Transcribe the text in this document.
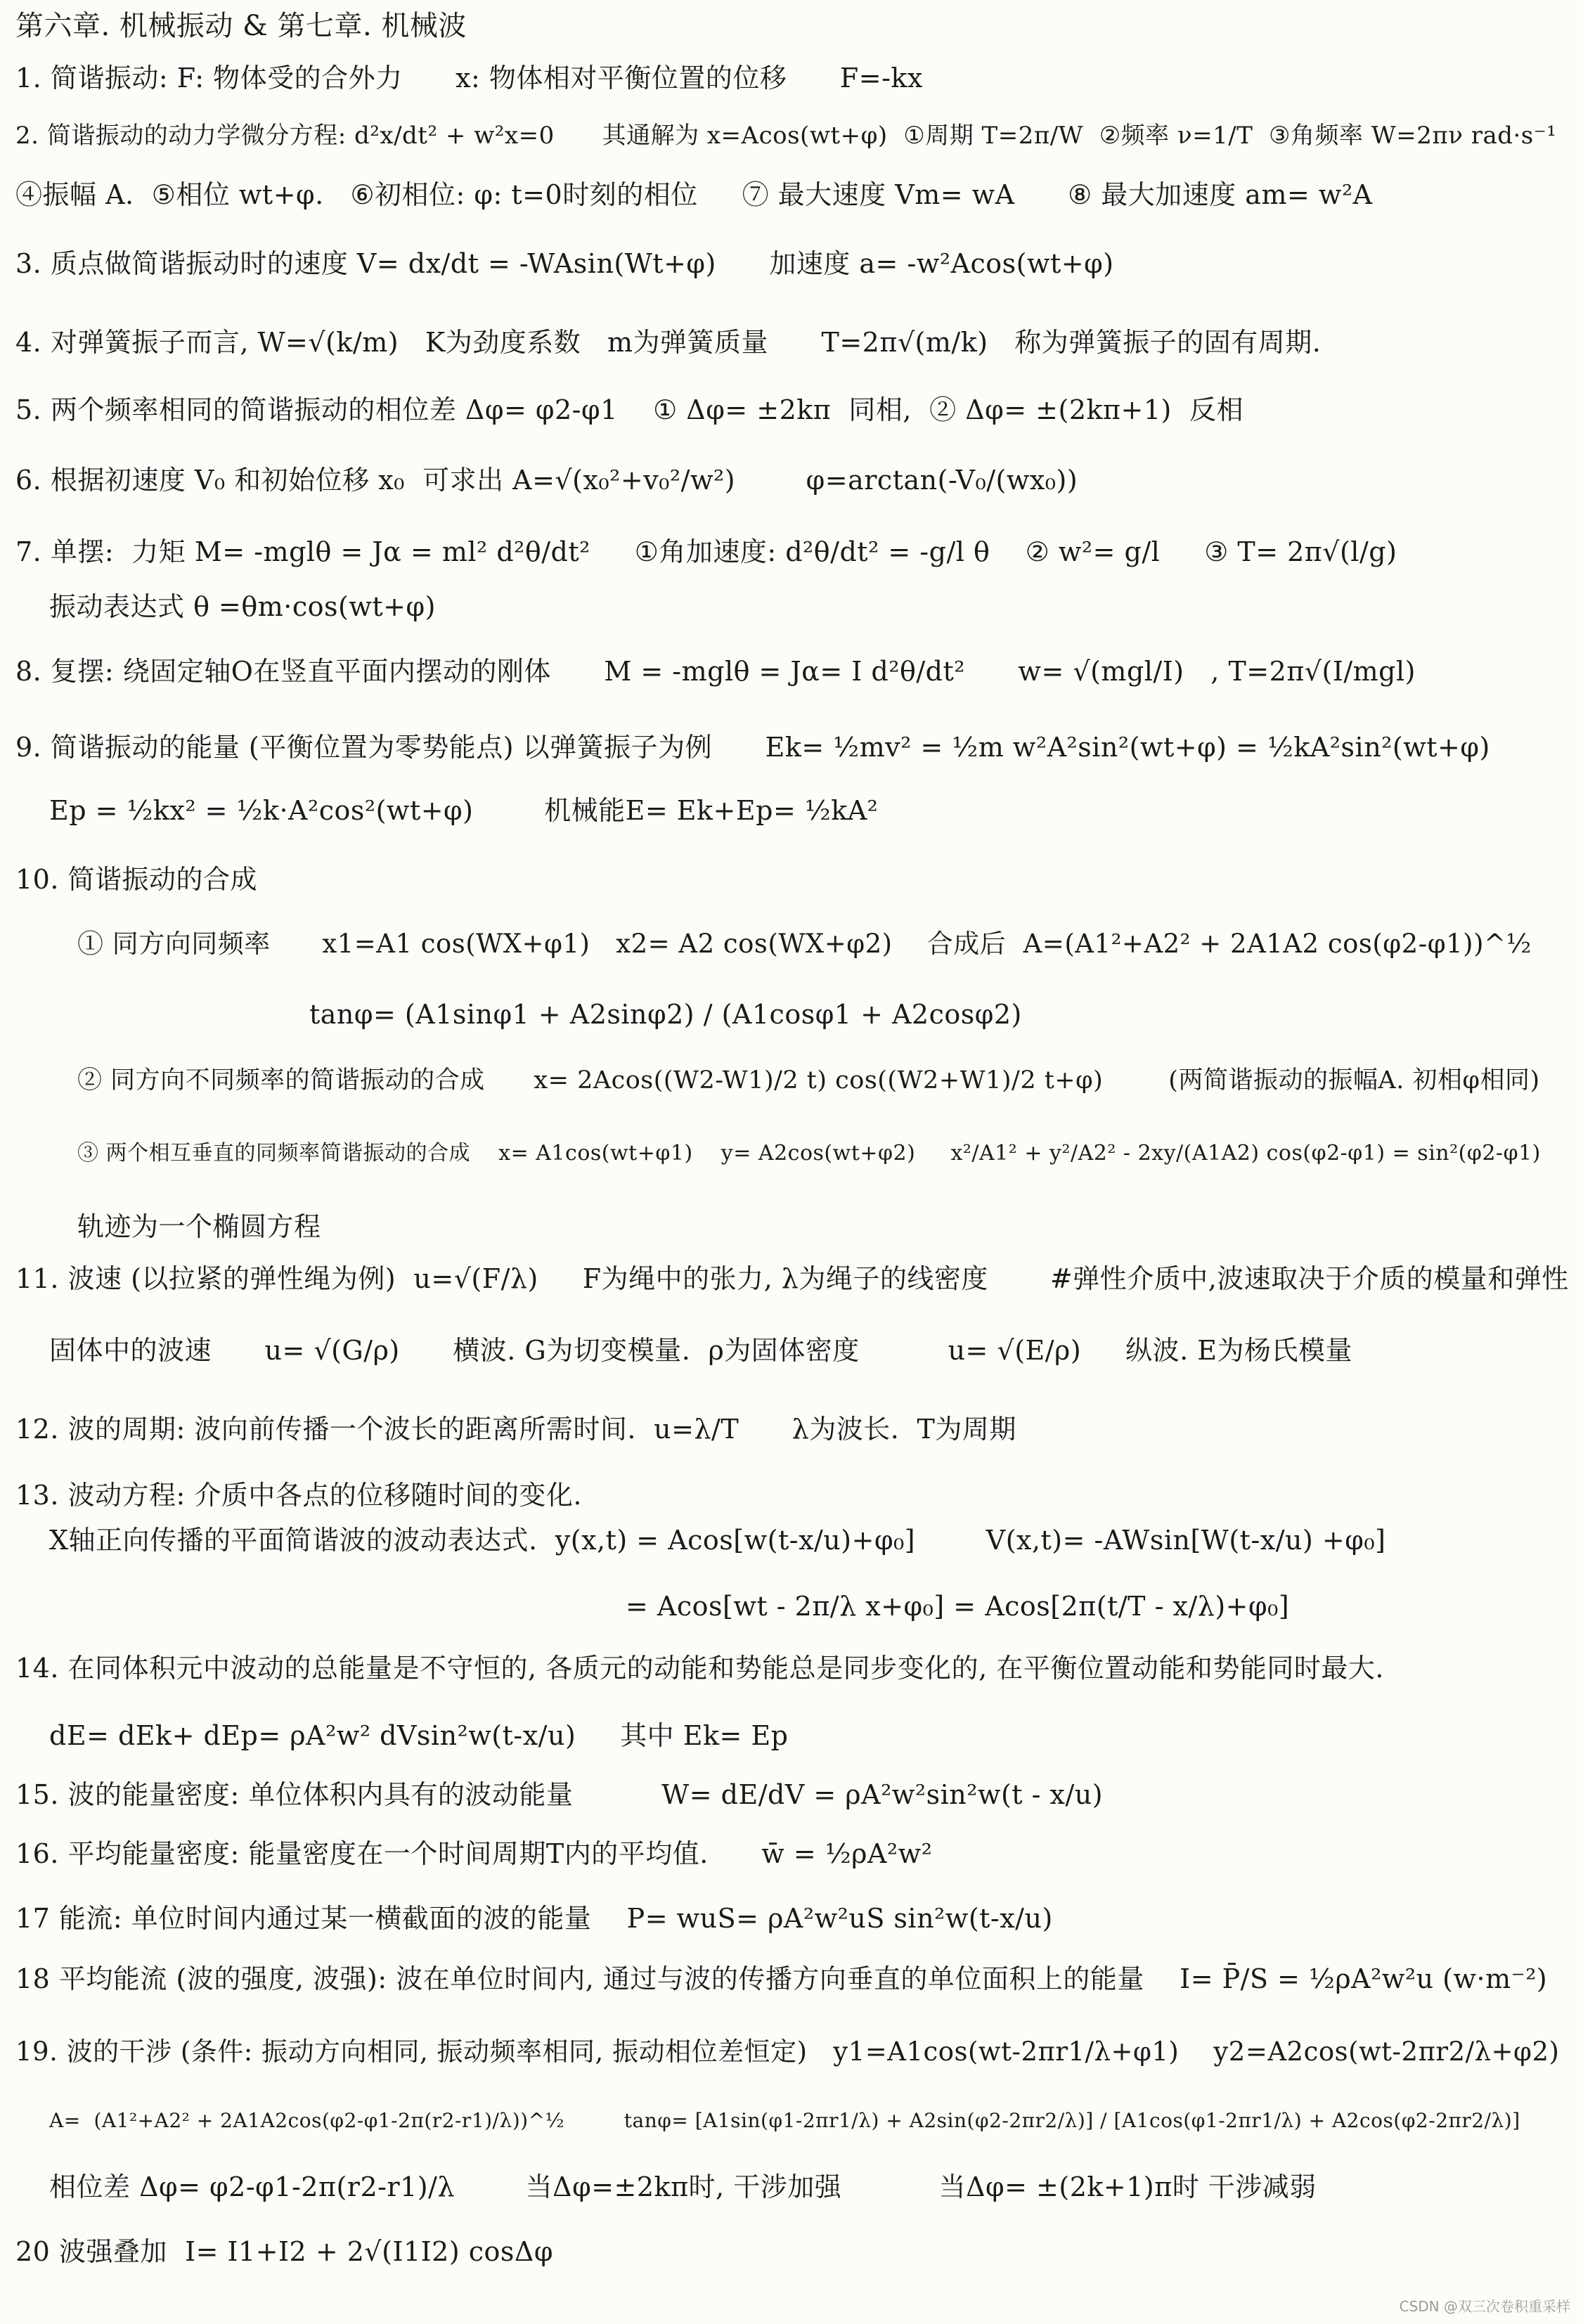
第六章. 机械振动 & 第七章. 机械波
1. 简谐振动: F: 物体受的合外力      x: 物体相对平衡位置的位移      F=-kx
2. 简谐振动的动力学微分方程: d²x/dt² + w²x=0      其通解为 x=Acos(wt+φ)  ①周期 T=2π/W  ②频率 ν=1/T  ③角频率 W=2πν rad·s⁻¹
④振幅 A.  ⑤相位 wt+φ.   ⑥初相位: φ: t=0时刻的相位     ⑦ 最大速度 Vm= wA      ⑧ 最大加速度 am= w²A
3. 质点做简谐振动时的速度 V= dx/dt = -WAsin(Wt+φ)      加速度 a= -w²Acos(wt+φ)
4. 对弹簧振子而言, W=√(k/m)   K为劲度系数   m为弹簧质量      T=2π√(m/k)   称为弹簧振子的固有周期.
5. 两个频率相同的简谐振动的相位差 Δφ= φ2-φ1    ① Δφ= ±2kπ  同相,  ② Δφ= ±(2kπ+1)  反相
6. 根据初速度 V₀ 和初始位移 x₀  可求出 A=√(x₀²+v₀²/w²)        φ=arctan(-V₀/(wx₀))
7. 单摆:  力矩 M= -mglθ = Jα = ml² d²θ/dt²     ①角加速度: d²θ/dt² = -g/l θ    ② w²= g/l     ③ T= 2π√(l/g)
振动表达式 θ =θm·cos(wt+φ)
8. 复摆: 绕固定轴O在竖直平面内摆动的刚体      M = -mglθ = Jα= I d²θ/dt²      w= √(mgl/I)   , T=2π√(I/mgl)
9. 简谐振动的能量 (平衡位置为零势能点) 以弹簧振子为例      Ek= ½mv² = ½m w²A²sin²(wt+φ) = ½kA²sin²(wt+φ)
Ep = ½kx² = ½k·A²cos²(wt+φ)        机械能E= Ek+Ep= ½kA²
10. 简谐振动的合成
① 同方向同频率      x1=A1 cos(WX+φ1)   x2= A2 cos(WX+φ2)    合成后  A=(A1²+A2² + 2A1A2 cos(φ2-φ1))^½
tanφ= (A1sinφ1 + A2sinφ2) / (A1cosφ1 + A2cosφ2)
② 同方向不同频率的简谐振动的合成      x= 2Acos((W2-W1)/2 t) cos((W2+W1)/2 t+φ)        (两简谐振动的振幅A. 初相φ相同)
③ 两个相互垂直的同频率简谐振动的合成    x= A1cos(wt+φ1)    y= A2cos(wt+φ2)     x²/A1² + y²/A2² - 2xy/(A1A2) cos(φ2-φ1) = sin²(φ2-φ1)
轨迹为一个椭圆方程
11. 波速 (以拉紧的弹性绳为例)  u=√(F/λ)     F为绳中的张力, λ为绳子的线密度       #弹性介质中,波速取决于介质的模量和弹性
固体中的波速      u= √(G/ρ)      横波. G为切变模量.  ρ为固体密度          u= √(E/ρ)     纵波. E为杨氏模量
12. 波的周期: 波向前传播一个波长的距离所需时间.  u=λ/T      λ为波长.  T为周期
13. 波动方程: 介质中各点的位移随时间的变化.
X轴正向传播的平面简谐波的波动表达式.  y(x,t) = Acos[w(t-x/u)+φ₀]        V(x,t)= -AWsin[W(t-x/u) +φ₀]
= Acos[wt - 2π/λ x+φ₀] = Acos[2π(t/T - x/λ)+φ₀]
14. 在同体积元中波动的总能量是不守恒的, 各质元的动能和势能总是同步变化的, 在平衡位置动能和势能同时最大.
dE= dEk+ dEp= ρA²w² dVsin²w(t-x/u)     其中 Ek= Ep
15. 波的能量密度: 单位体积内具有的波动能量          W= dE/dV = ρA²w²sin²w(t - x/u)
16. 平均能量密度: 能量密度在一个时间周期T内的平均值.      w̄ = ½ρA²w²
17 能流: 单位时间内通过某一横截面的波的能量    P= wuS= ρA²w²uS sin²w(t-x/u)
18 平均能流 (波的强度, 波强): 波在单位时间内, 通过与波的传播方向垂直的单位面积上的能量    I= P̄/S = ½ρA²w²u (w·m⁻²)
19. 波的干涉 (条件: 振动方向相同, 振动频率相同, 振动相位差恒定)   y1=A1cos(wt-2πr1/λ+φ1)    y2=A2cos(wt-2πr2/λ+φ2)
A=  (A1²+A2² + 2A1A2cos(φ2-φ1-2π(r2-r1)/λ))^½         tanφ= [A1sin(φ1-2πr1/λ) + A2sin(φ2-2πr2/λ)] / [A1cos(φ1-2πr1/λ) + A2cos(φ2-2πr2/λ)]
相位差 Δφ= φ2-φ1-2π(r2-r1)/λ        当Δφ=±2kπ时, 干涉加强           当Δφ= ±(2k+1)π时 干涉减弱
20 波强叠加  I= I1+I2 + 2√(I1I2) cosΔφ
CSDN @双三次卷积重采样
